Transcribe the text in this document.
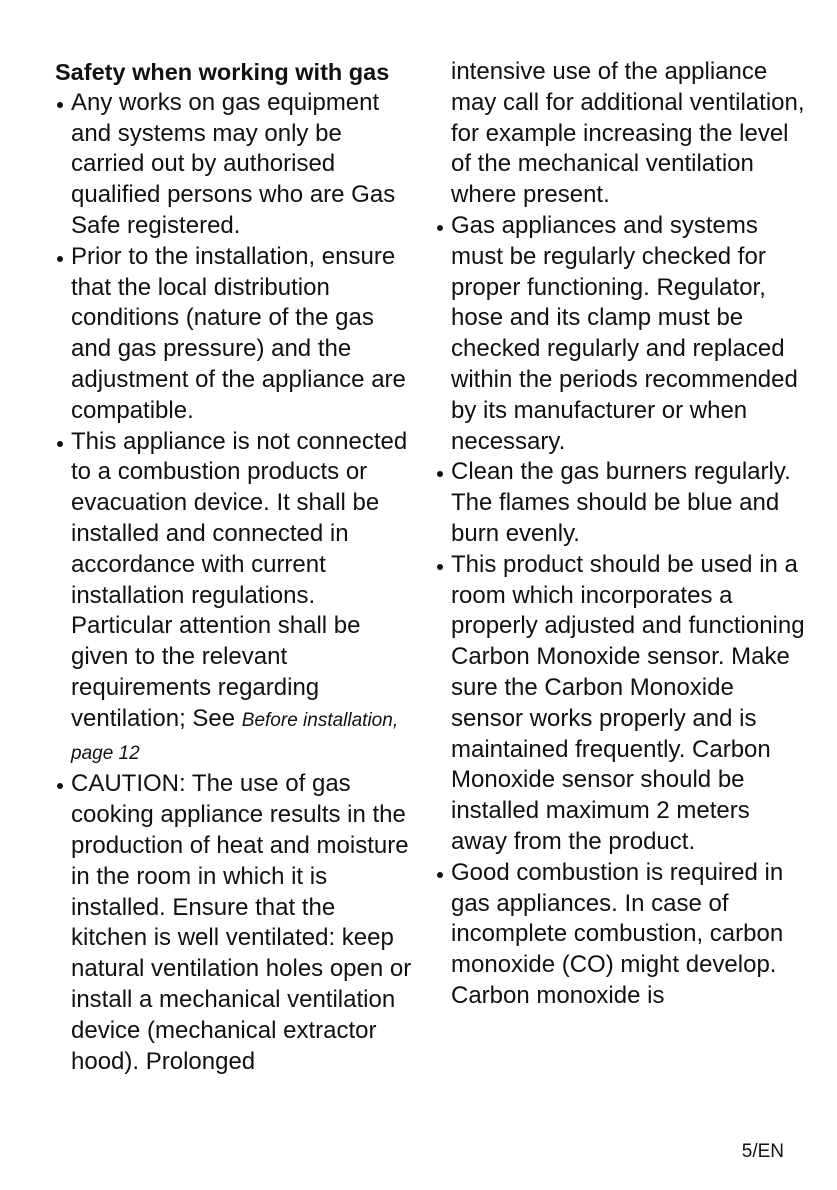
Safety when working with gas

Any works on gas equipment and systems may only be carried out by authorised qualified persons who are Gas Safe registered.
Prior to the installation, ensure that the local distribution conditions (nature of the gas and gas pressure) and the adjustment of the appliance are compatible.
This appliance is not connected to a combustion products or evacuation device. It shall be installed and connected in accordance with current installation regulations. Particular attention shall be given to the relevant requirements regarding ventilation; See Before installation, page 12
CAUTION: The use of gas cooking appliance results in the production of heat and moisture in the room in which it is installed. Ensure that the kitchen is well ventilated: keep natural ventilation holes open or install a mechanical ventilation device (mechanical extractor hood). Prolonged

intensive use of the appliance may call for additional ventilation, for example increasing the level of the mechanical ventilation where present.

Gas appliances and systems must be regularly checked for proper functioning. Regulator, hose and its clamp must be checked regularly and replaced within the periods recommended by its manufacturer or when necessary.
Clean the gas burners regularly. The flames should be blue and burn evenly.
This product should be used in a room which incorporates a properly adjusted and functioning Carbon Monoxide sensor. Make sure the Carbon Monoxide sensor works properly and is maintained frequently. Carbon Monoxide sensor should be installed maximum 2 meters away from the product.
Good combustion is required in gas appliances. In case of incomplete combustion, carbon monoxide (CO) might develop. Carbon monoxide is
5/EN
